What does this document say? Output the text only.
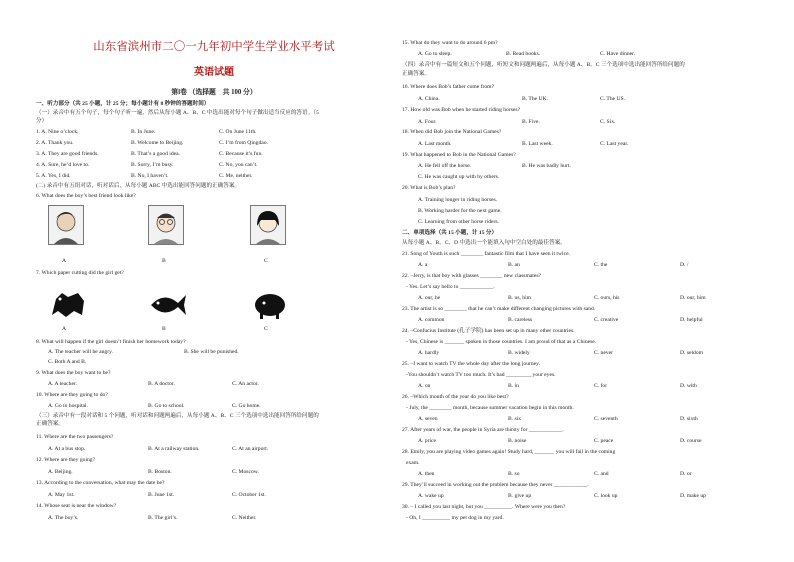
山东省滨州市二〇一九年初中学生学业水平考试
英语试题
第Ⅰ卷 （选择题　共 100 分）
一、听力部分（共 25 小题，计 25 分；每小题计有 8 秒钟的答题时间）
（一）录音中有五个句子，每个句子听一遍，然后从每小题 A、B、C 中选出能对每个句子做出适当反应的答语。（5
分）
1. A. Nine o’clock.	B. In June.	C. On June 11th.
2. A. Thank you.	B. Welcome to Beijing.	C. I’m from Qingdao.
3. A. They are good friends.	B. That’s a good idea.	C. Because it’s fun.
4. A. Sure, he’d love to.	B. Sorry, I’m busy.	C. No, you can’t.
5. A. Yes, I did.	B. No, I haven’t.	C. Me, neither.
(二) 录音中有五组对话，听对话后，从每小题 ABC 中选出能回答问题的正确答案。
6. What does the boy’s best friend look like?
A	B	C
7. Which paper cutting did the girl get?
A	B	C
8. What will happen if the girl doesn’t finish her homework today?
A. The teacher will be angry.	B. She will be punished.
C. Both A and B.
9. What does the boy want to be?
A. A teacher.	B. A doctor.	C. An actor.
10. Where are they going to do?
A. Go to hospital.	B. Go to school.	C. Go home.
（三）录音中有一段对话和 5 个问题，听对话和问题两遍后，从每小题 A、B、C 三个选项中选出能回答所给问题的
正确答案。
11. Where are the two passengers?
A. At a bus stop.	B. At a railway station.	C. At an airport.
12. Where are they going?
A. Beijing.	B. Boston.	C. Moscow.
13. According to the conversation, what may the date be?
A. May 1st.	B. June 1st.	C. October 1st.
14. Whose seat is near the window?
A. The boy’s.	B. The girl’s.	C. Neither.
15. What do they want to do around 6 pm?
A. Go to sleep.	B. Read books.	C. Have dinner.
（四）录音中有一篇短文和五个问题，听短文和问题两遍后，从每小题 A、B、C 三个选项中选出能回答所给问题的
正确答案。
16. Where does Bob’s father come from?
A. China.	B. The UK.	C. The US.
17. How old was Bob when he started riding horses?
A. Four.	B. Five.	C. Six.
18. When did Bob join the National Games?
A. Last month.	B. Last week.	C. Last year.
19. What happened to Bob in the National Games?
A. He fell off the horse.	B. He was badly hurt.
C. He was caught up with by others.
20. What is Bob’s plan?
A. Training longer in riding horses.
B. Working harder for the next game.
C. Learning from other horse riders.
二、单项选择（共 15 小题，计 15 分）
从每小题 A、B、C、D 中选出一个能填入句中空白处的最佳答案。
21. Song of Youth is such ________ fantastic film that I have seen it twice.
A. a	B. an	C. the	D. /
22. –Jerry, is that boy with glasses ________ new classmates?
- Yes. Let’s say hello to ____________.
A. our, he	B. us, him	C. ours, his	D. our, him
23. The artist is so ________ that he can’t make different changing pictures with sand.
A. common	B. careless	C. creative	D. helpful
24. –Confucius Institute (孔子学院) has been set up in many other countries.
- Yes, Chinese is _______ spoken in those countries. I am proud of that as a Chinese.
A. hardly	B. widely	C. never	D. seldom
25. –I want to watch TV the whole day after the long journey.
-You shouldn’t watch TV too much. It’s bad _________ your eyes.
A. on	B. in	C. for	D. with
26. –Which month of the year do you like best?
- July, the ________ month, because summer vacation begin in this month.
A. seven	B. six	C. seventh	D. sixth
27. After years of war, the people in Syria are thirsty for ____________.
A. price	B. noise	C. peace	D. course
28. Emily, you are playing video games again! Study hard, _______ you will fail in the coming
exam.
A. then	B. so	C. and	D. or
29. They’ll succeed in working out the problem because they never ____________.
A. wake up	B. give up	C. look up	D. make up
30. – I called you last night, but you __________. Where were you then?
- Oh, I __________ my pet dog in my yard.
